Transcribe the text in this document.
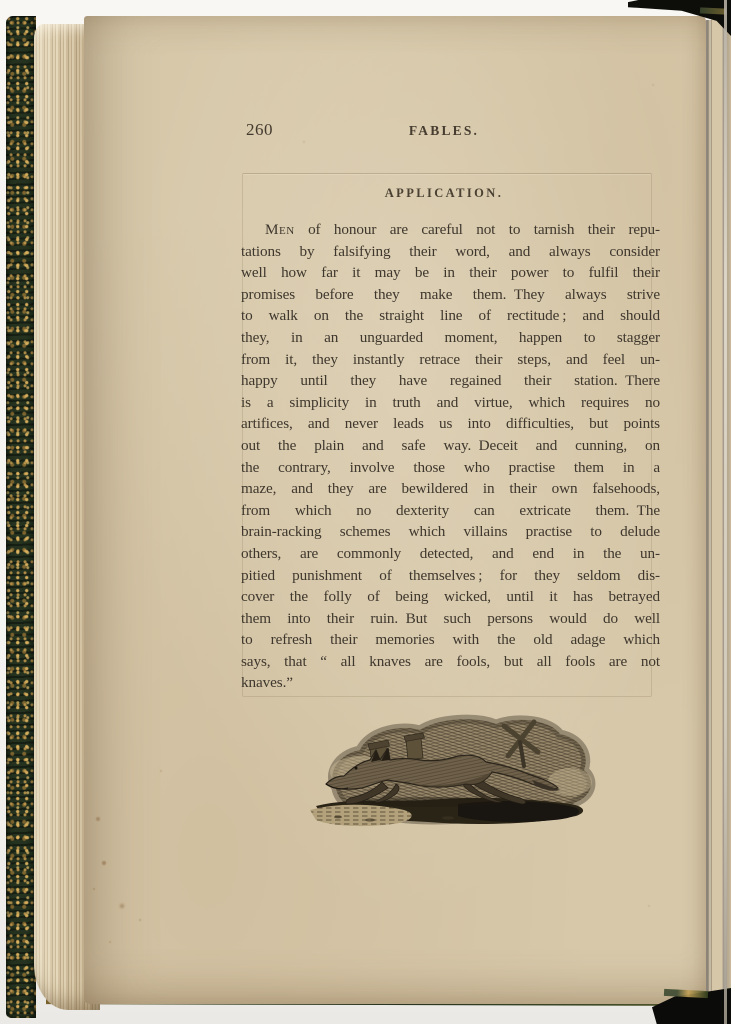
260	FABLES.
APPLICATION.
Men of honour are careful not to tarnish their repu-
tations by falsifying their word, and always consider
well how far it may be in their power to fulfil their
promises before they make them. They always strive
to walk on the straight line of rectitude ; and should
they, in an unguarded moment, happen to stagger
from it, they instantly retrace their steps, and feel un-
happy until they have regained their station. There
is a simplicity in truth and virtue, which requires no
artifices, and never leads us into difficulties, but points
out the plain and safe way. Deceit and cunning, on
the contrary, involve those who practise them in a
maze, and they are bewildered in their own falsehoods,
from which no dexterity can extricate them. The
brain-racking schemes which villains practise to delude
others, are commonly detected, and end in the un-
pitied punishment of themselves ; for they seldom dis-
cover the folly of being wicked, until it has betrayed
them into their ruin. But such persons would do well
to refresh their memories with the old adage which
says, that “ all knaves are fools, but all fools are not
knaves.”
